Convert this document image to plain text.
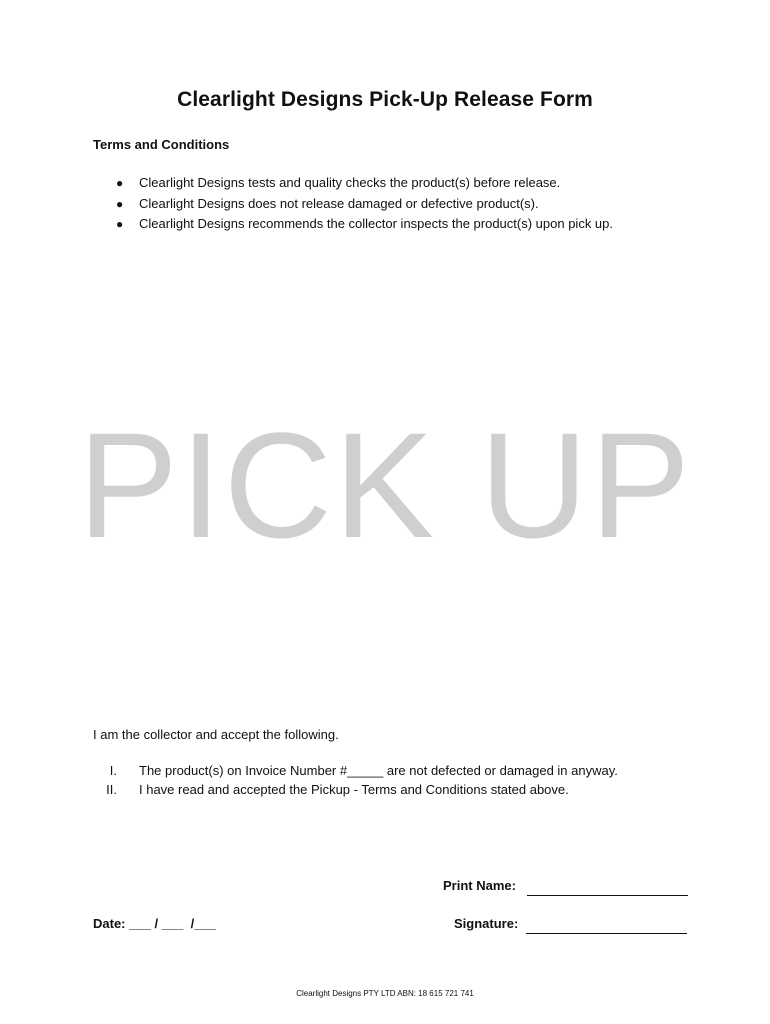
Clearlight Designs Pick-Up Release Form
Terms and Conditions
● Clearlight Designs tests and quality checks the product(s) before release.
● Clearlight Designs does not release damaged or defective product(s).
● Clearlight Designs recommends the collector inspects the product(s) upon pick up.
PICK UP
I am the collector and accept the following.
I. The product(s) on Invoice Number #_____ are not defected or damaged in anyway.
II. I have read and accepted the Pickup - Terms and Conditions stated above.
Print Name:
Date: ___ / ___  /___	Signature:
Clearlight Designs PTY LTD ABN: 18 615 721 741
